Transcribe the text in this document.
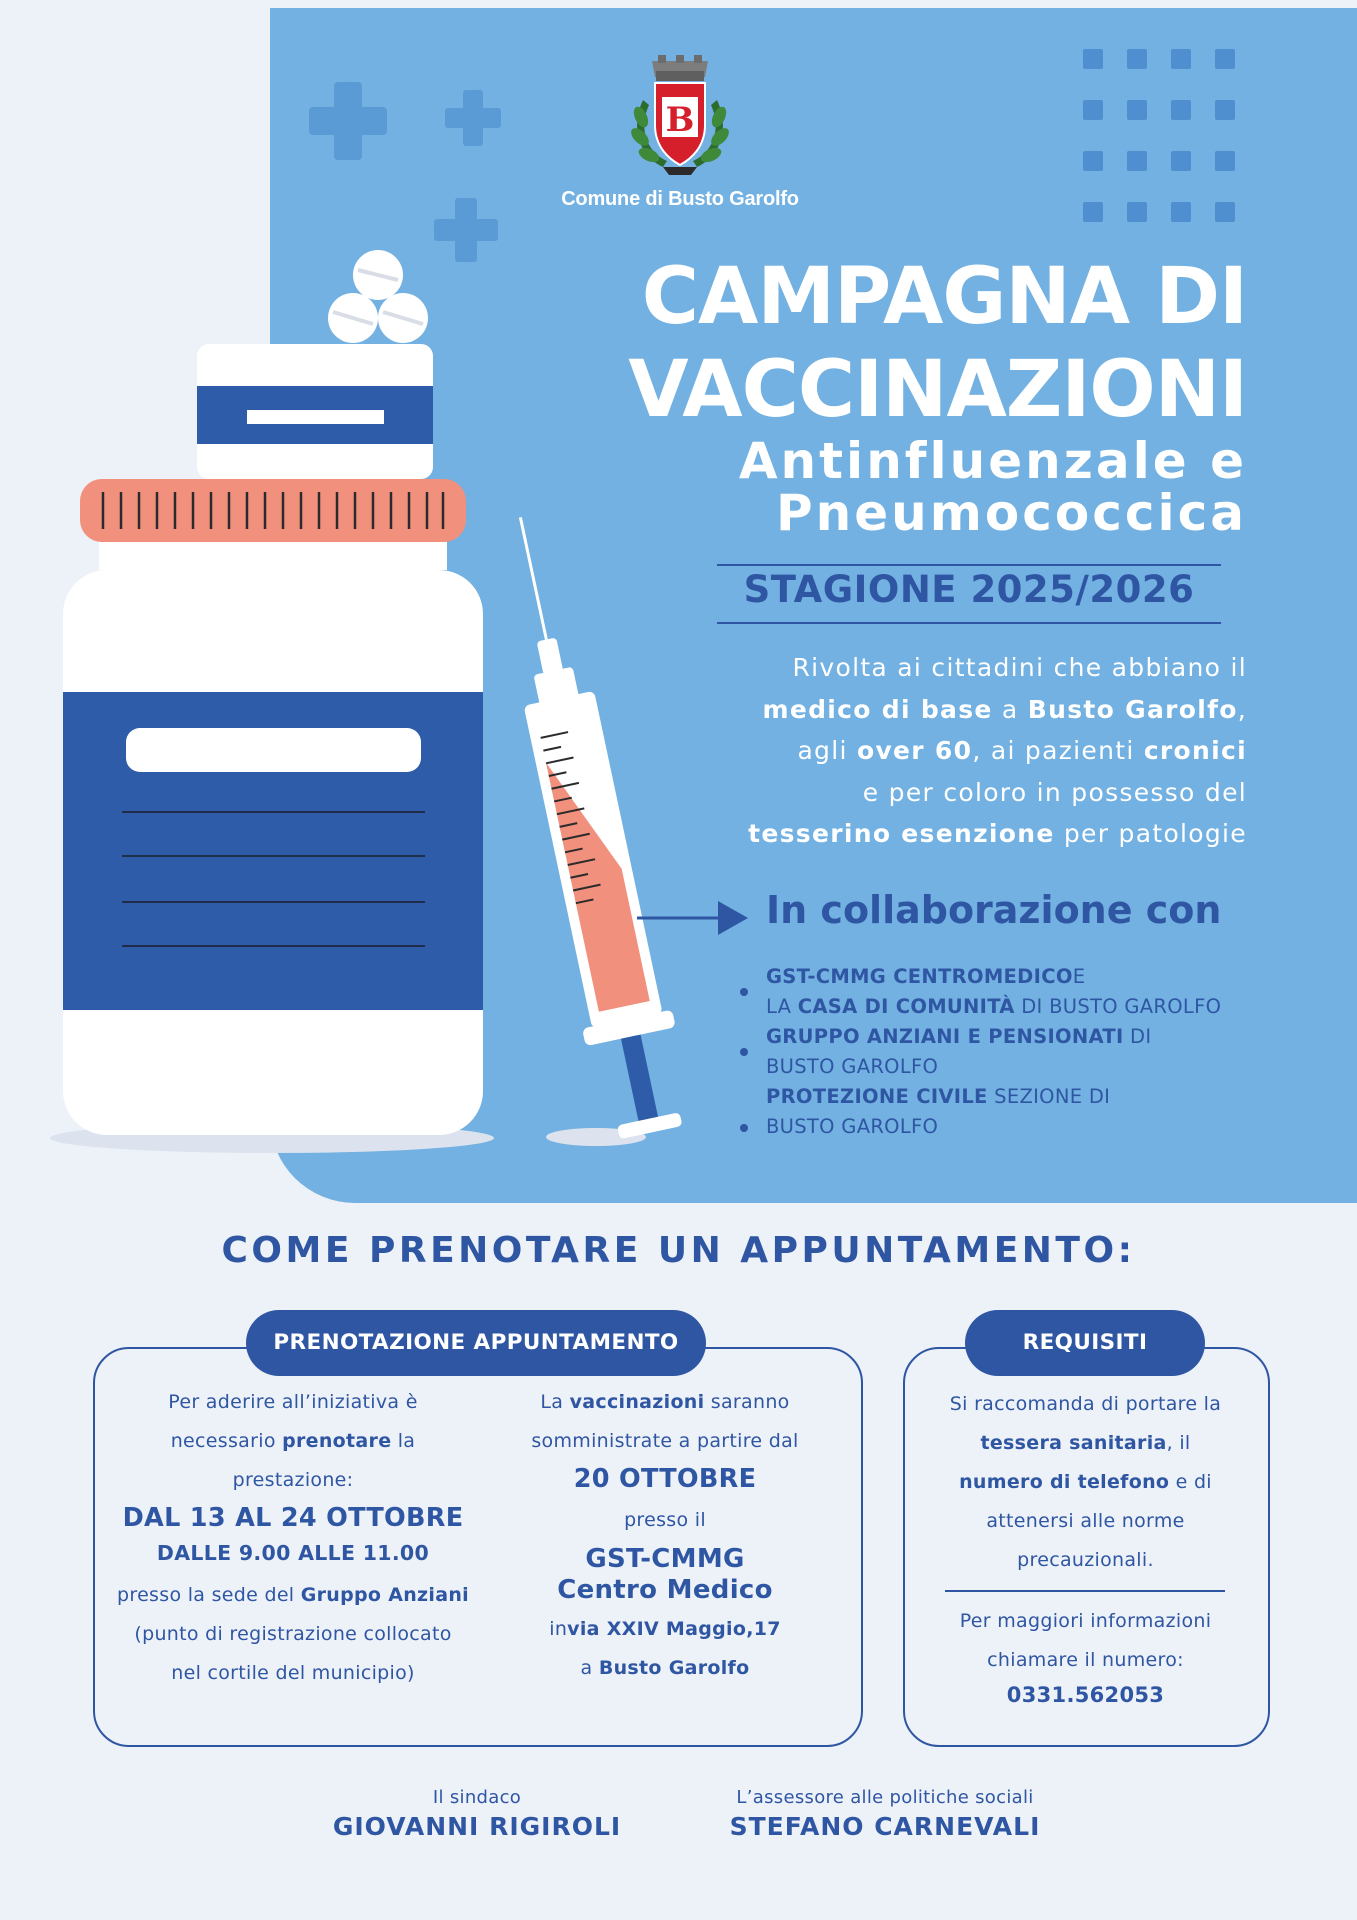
B
Comune di Busto Garolfo
CAMPAGNA DI
VACCINAZIONI
Antinfluenzale e
Pneumococcica
STAGIONE 2025/2026
Rivolta ai cittadini che abbiano il
medico di base a Busto Garolfo,
agli over 60, ai pazienti cronici
e per coloro in possesso del
tesserino esenzione per patologie
In collaborazione con
GST-CMMG CENTROMEDICOE
LA CASA DI COMUNITÀ DI BUSTO GAROLFO
GRUPPO ANZIANI E PENSIONATI DI
BUSTO GAROLFO
PROTEZIONE CIVILE SEZIONE DI
BUSTO GAROLFO
COME PRENOTARE UN APPUNTAMENTO:
PRENOTAZIONE APPUNTAMENTO
Per aderire all’iniziativa è
necessario prenotare la
prestazione:
DAL 13 AL 24 OTTOBRE
DALLE 9.00 ALLE 11.00
presso la sede del Gruppo Anziani
(punto di registrazione collocato
nel cortile del municipio)
La vaccinazioni saranno
somministrate a partire dal
20 OTTOBRE
presso il
GST-CMMG
Centro Medico
invia XXIV Maggio,17
a Busto Garolfo
REQUISITI
Si raccomanda di portare la
tessera sanitaria, il
numero di telefono e di
attenersi alle norme
precauzionali.
Per maggiori informazioni
chiamare il numero:
0331.562053
Il sindaco
GIOVANNI RIGIROLI
L’assessore alle politiche sociali
STEFANO CARNEVALI
